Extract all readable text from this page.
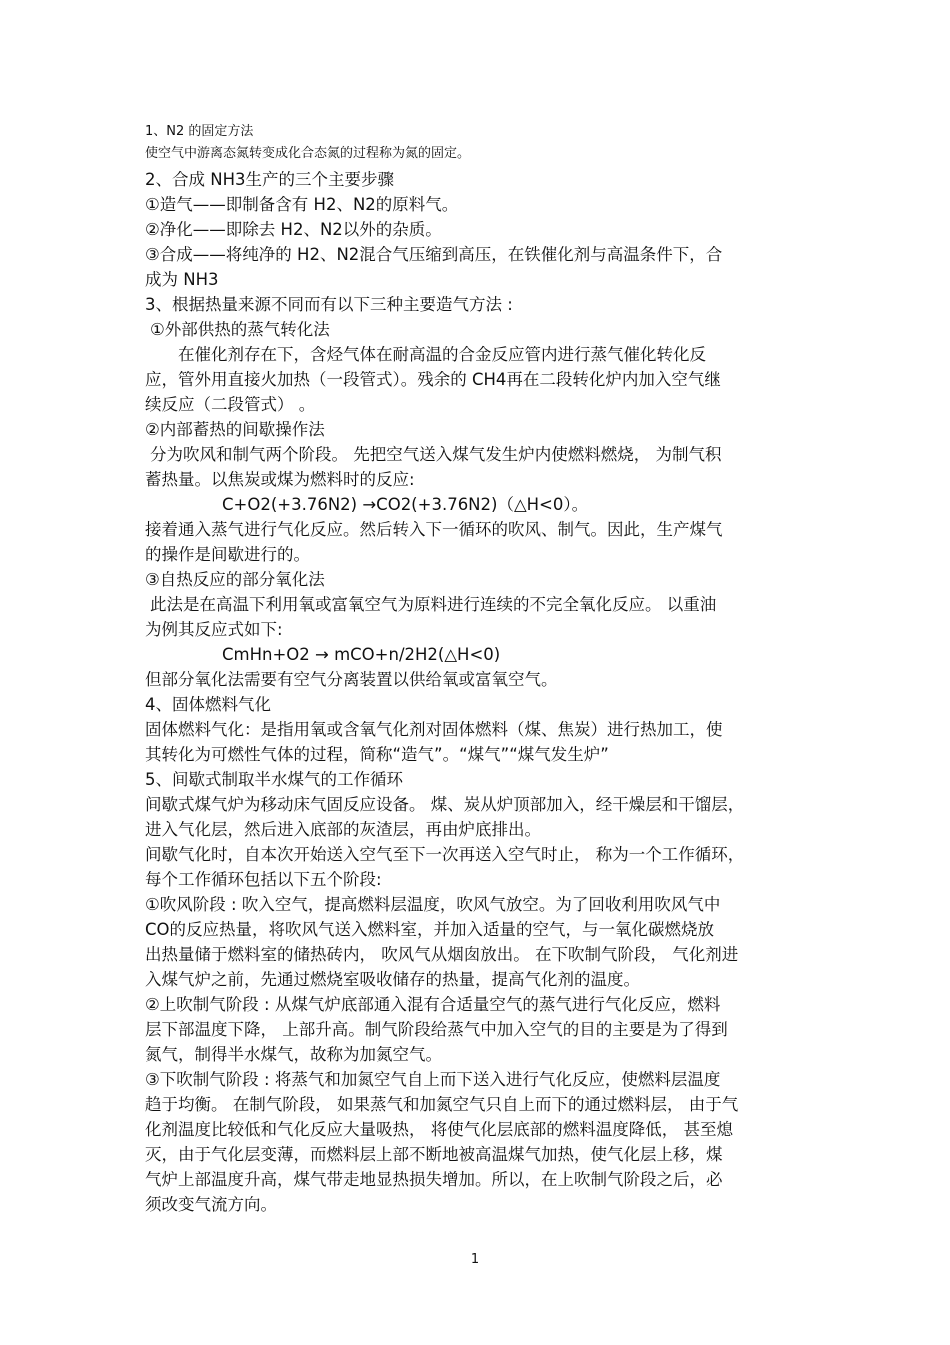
1、N2 的固定方法
使空气中游离态氮转变成化合态氮的过程称为氮的固定。
2、合成 NH3生产的三个主要步骤
①造气——即制备含有 H2、N2的原料气。
②净化——即除去 H2、N2以外的杂质。
③合成——将纯净的 H2、N2混合气压缩到高压，在铁催化剂与高温条件下，合
成为 NH3
3、根据热量来源不同而有以下三种主要造气方法 :
①外部供热的蒸气转化法
在催化剂存在下，含烃气体在耐高温的合金反应管内进行蒸气催化转化反
应，管外用直接火加热（一段管式）。残余的 CH4再在二段转化炉内加入空气继
续反应（二段管式） 。
②内部蓄热的间歇操作法
分为吹风和制气两个阶段。 先把空气送入煤气发生炉内使燃料燃烧， 为制气积
蓄热量。以焦炭或煤为燃料时的反应:
C+O2(+3.76N2) →CO2(+3.76N2)（△H<0）。
接着通入蒸气进行气化反应。然后转入下一循环的吹风、制气。因此，生产煤气
的操作是间歇进行的。
③自热反应的部分氧化法
此法是在高温下利用氧或富氧空气为原料进行连续的不完全氧化反应。 以重油
为例其反应式如下:
CmHn+O2 → mCO+n/2H2(△H<0)
但部分氧化法需要有空气分离装置以供给氧或富氧空气。
4、固体燃料气化
固体燃料气化：是指用氧或含氧气化剂对固体燃料（煤、焦炭）进行热加工，使
其转化为可燃性气体的过程，简称“造气”。“煤气”“煤气发生炉”
5、间歇式制取半水煤气的工作循环
间歇式煤气炉为移动床气固反应设备。 煤、炭从炉顶部加入，经干燥层和干馏层，
进入气化层，然后进入底部的灰渣层，再由炉底排出。
间歇气化时，自本次开始送入空气至下一次再送入空气时止， 称为一个工作循环，
每个工作循环包括以下五个阶段:
①吹风阶段 : 吹入空气，提高燃料层温度，吹风气放空。为了回收利用吹风气中
CO的反应热量，将吹风气送入燃料室，并加入适量的空气，与一氧化碳燃烧放
出热量储于燃料室的储热砖内， 吹风气从烟囱放出。 在下吹制气阶段， 气化剂进
入煤气炉之前，先通过燃烧室吸收储存的热量，提高气化剂的温度。
②上吹制气阶段 : 从煤气炉底部通入混有合适量空气的蒸气进行气化反应，燃料
层下部温度下降， 上部升高。制气阶段给蒸气中加入空气的目的主要是为了得到
氮气，制得半水煤气，故称为加氮空气。
③下吹制气阶段 : 将蒸气和加氮空气自上而下送入进行气化反应，使燃料层温度
趋于均衡。 在制气阶段， 如果蒸气和加氮空气只自上而下的通过燃料层， 由于气
化剂温度比较低和气化反应大量吸热， 将使气化层底部的燃料温度降低， 甚至熄
灭，由于气化层变薄，而燃料层上部不断地被高温煤气加热，使气化层上移，煤
气炉上部温度升高，煤气带走地显热损失增加。所以，在上吹制气阶段之后，必
须改变气流方向。
1
